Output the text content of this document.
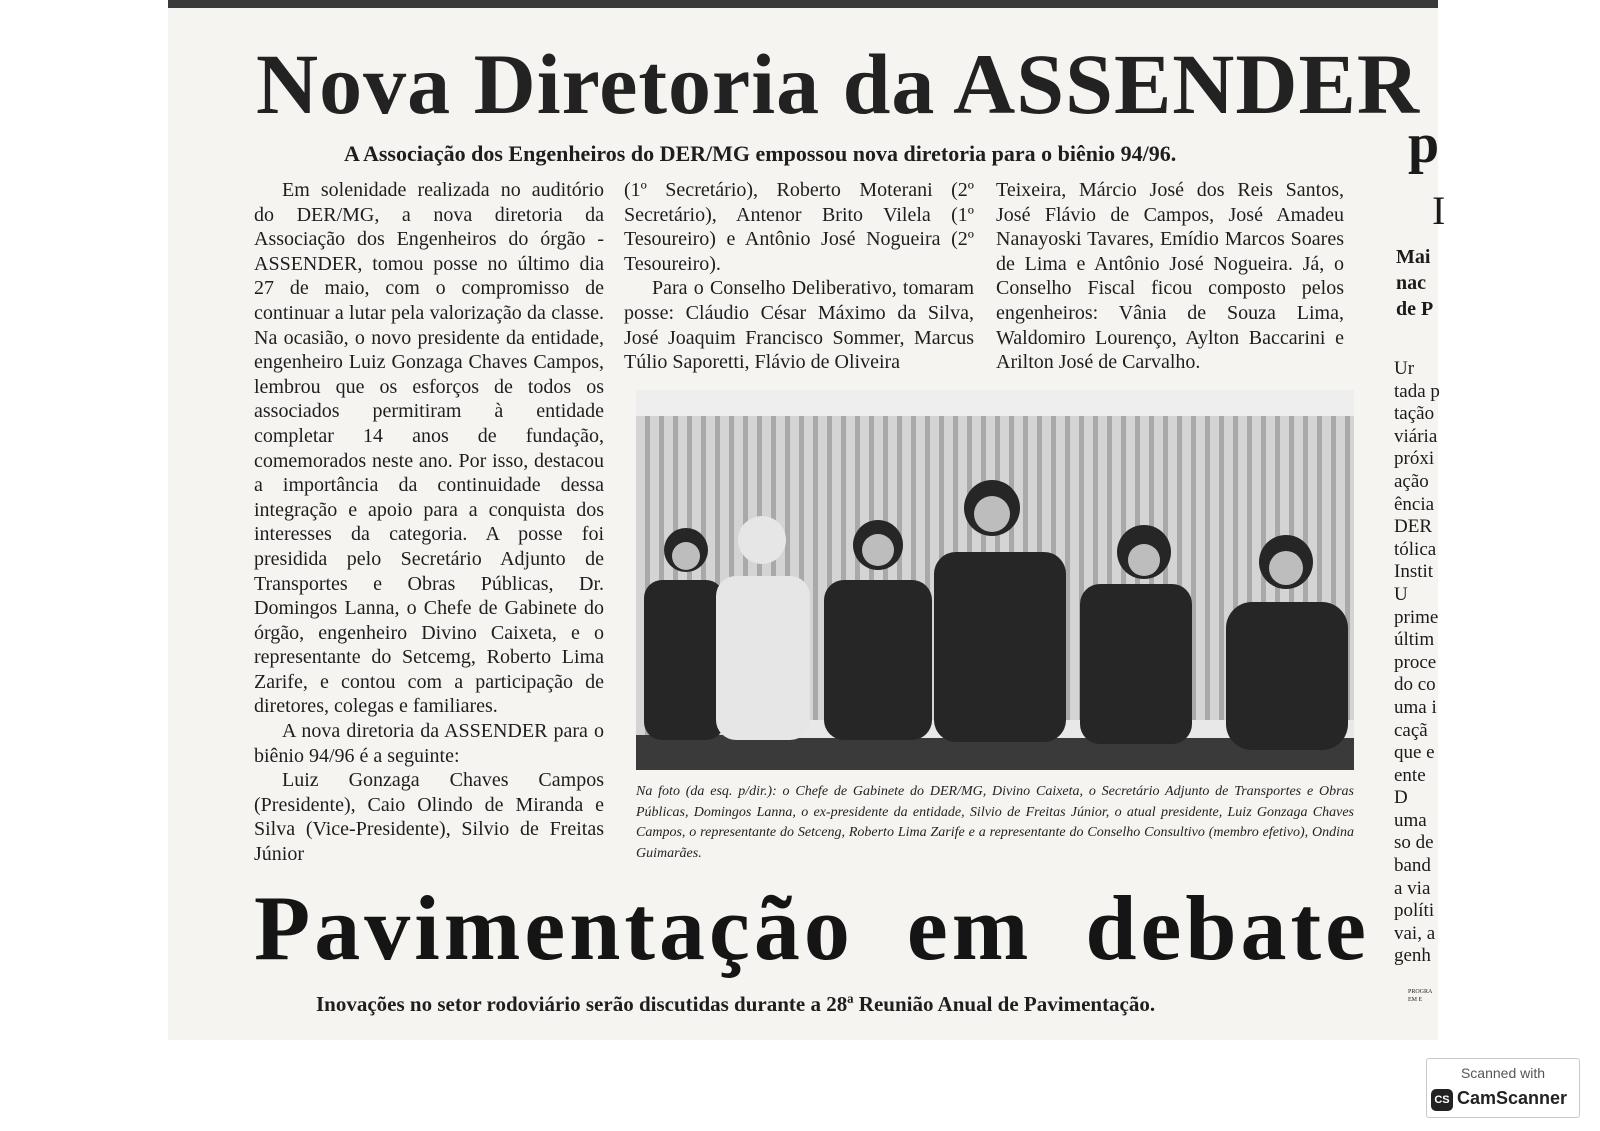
Nova Diretoria da ASSENDER
A Associação dos Engenheiros do DER/MG empossou nova diretoria para o biênio 94/96.

Em solenidade realizada no auditório do DER/MG, a nova diretoria da Associação dos Engenheiros do órgão - ASSENDER, tomou posse no último dia 27 de maio, com o compromisso de continuar a lutar pela valorização da classe. Na ocasião, o novo presidente da entidade, engenheiro Luiz Gonzaga Chaves Campos, lembrou que os esforços de todos os associados permitiram à entidade completar 14 anos de fundação, comemorados neste ano. Por isso, destacou a importância da continuidade dessa integração e apoio para a conquista dos interesses da categoria. A posse foi presidida pelo Secretário Adjunto de Transportes e Obras Públicas, Dr. Domingos Lanna, o Chefe de Gabinete do órgão, engenheiro Divino Caixeta, e o representante do Setcemg, Roberto Lima Zarife, e contou com a participação de diretores, colegas e familiares.

A nova diretoria da ASSENDER para o biênio 94/96 é a seguinte:

Luiz Gonzaga Chaves Campos (Presidente), Caio Olindo de Miranda e Silva (Vice-Presidente), Silvio de Freitas Júnior

(1º Secretário), Roberto Moterani (2º Secretário), Antenor Brito Vilela (1º Tesoureiro) e Antônio José Nogueira (2º Tesoureiro).

Para o Conselho Deliberativo, tomaram posse: Cláudio César Máximo da Silva, José Joaquim Francisco Sommer, Marcus Túlio Saporetti, Flávio de Oliveira

Teixeira, Márcio José dos Reis Santos, José Flávio de Campos, José Amadeu Nanayoski Tavares, Emídio Marcos Soares de Lima e Antônio José Nogueira. Já, o Conselho Fiscal ficou composto pelos engenheiros: Vânia de Souza Lima, Waldomiro Lourenço, Aylton Baccarini e Arilton José de Carvalho.

Na foto (da esq. p/dir.): o Chefe de Gabinete do DER/MG, Divino Caixeta, o Secretário Adjunto de Transportes e Obras Públicas, Domingos Lanna, o ex-presidente da entidade, Silvio de Freitas Júnior, o atual presidente, Luiz Gonzaga Chaves Campos, o representante do Setceng, Roberto Lima Zarife e a representante do Conselho Consultivo (membro efetivo), Ondina Guimarães.

Pavimentação em debate
Inovações no setor rodoviário serão discutidas durante a 28ª Reunião Anual de Pavimentação.
p
I
Mai
nac
de P
Ur
tada p
tação
viária
próxi
ação
ência
DER
tólica
Instit
U
prime
últim
proce
do co
uma i
caçã
que e
ente
D
uma
so de
band
a via
políti
vai, a
genh
PROGRA
EM E
Scanned with
CS CamScanner
